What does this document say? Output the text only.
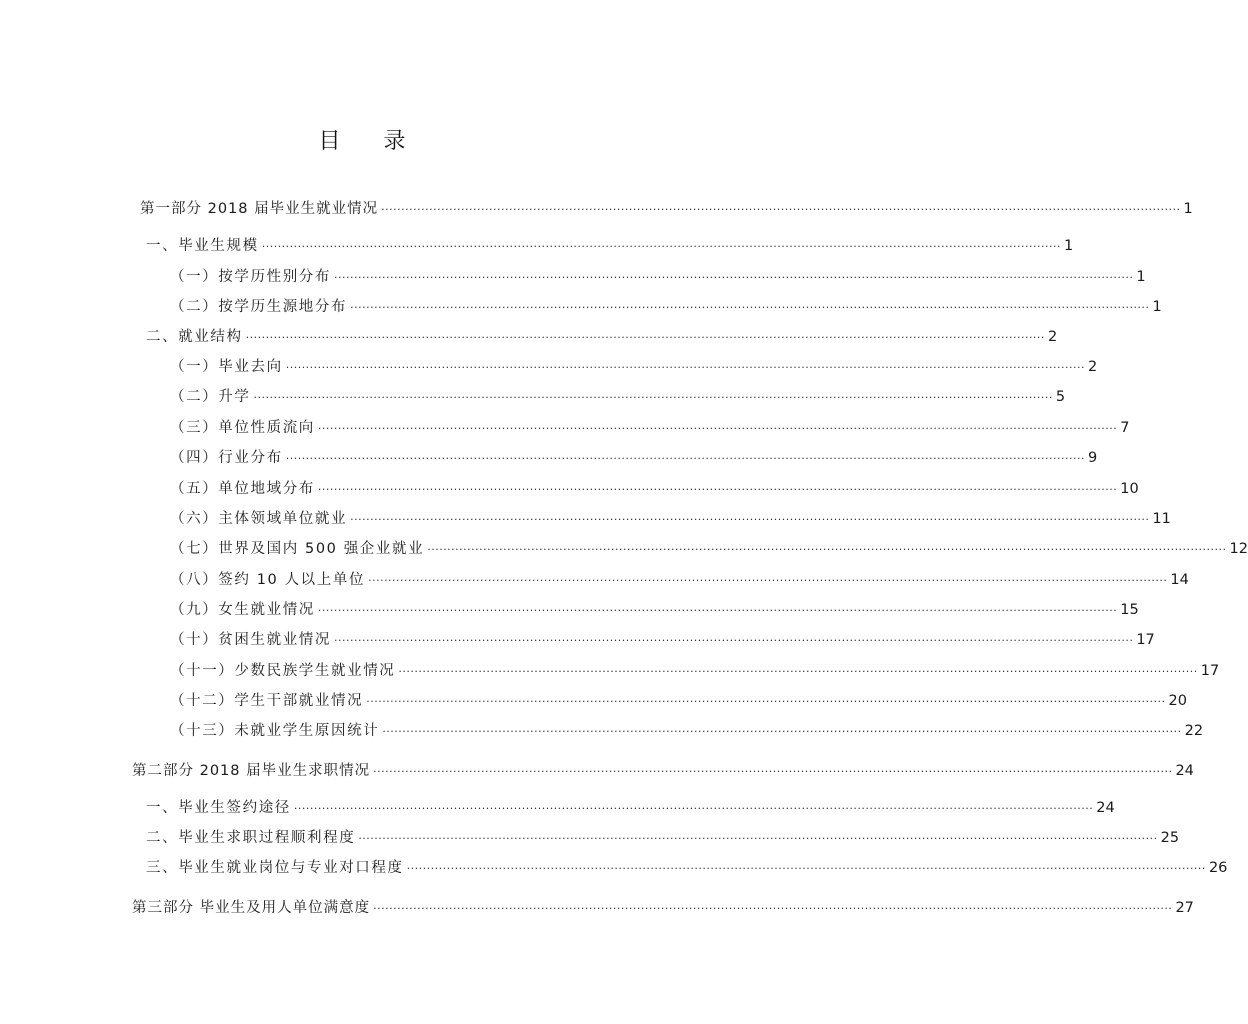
目 录
第一部分 2018 届毕业生就业情况 ········································································································································································································ 1
一、毕业生规模 ········································································································································································································ 1
（一）按学历性别分布 ········································································································································································································ 1
（二）按学历生源地分布 ········································································································································································································ 1
二、就业结构 ········································································································································································································ 2
（一）毕业去向 ········································································································································································································ 2
（二）升学 ········································································································································································································ 5
（三）单位性质流向 ········································································································································································································ 7
（四）行业分布 ········································································································································································································ 9
（五）单位地域分布 ········································································································································································································ 10
（六）主体领域单位就业 ········································································································································································································ 11
（七）世界及国内 500 强企业就业 ········································································································································································································ 12
（八）签约 10 人以上单位 ········································································································································································································ 14
（九）女生就业情况 ········································································································································································································ 15
（十）贫困生就业情况 ········································································································································································································ 17
（十一）少数民族学生就业情况 ········································································································································································································ 17
（十二）学生干部就业情况 ········································································································································································································ 20
（十三）未就业学生原因统计 ········································································································································································································ 22
第二部分 2018 届毕业生求职情况 ········································································································································································································ 24
一、毕业生签约途径 ········································································································································································································ 24
二、毕业生求职过程顺利程度 ········································································································································································································ 25
三、毕业生就业岗位与专业对口程度 ········································································································································································································ 26
第三部分 毕业生及用人单位满意度 ········································································································································································································ 27
